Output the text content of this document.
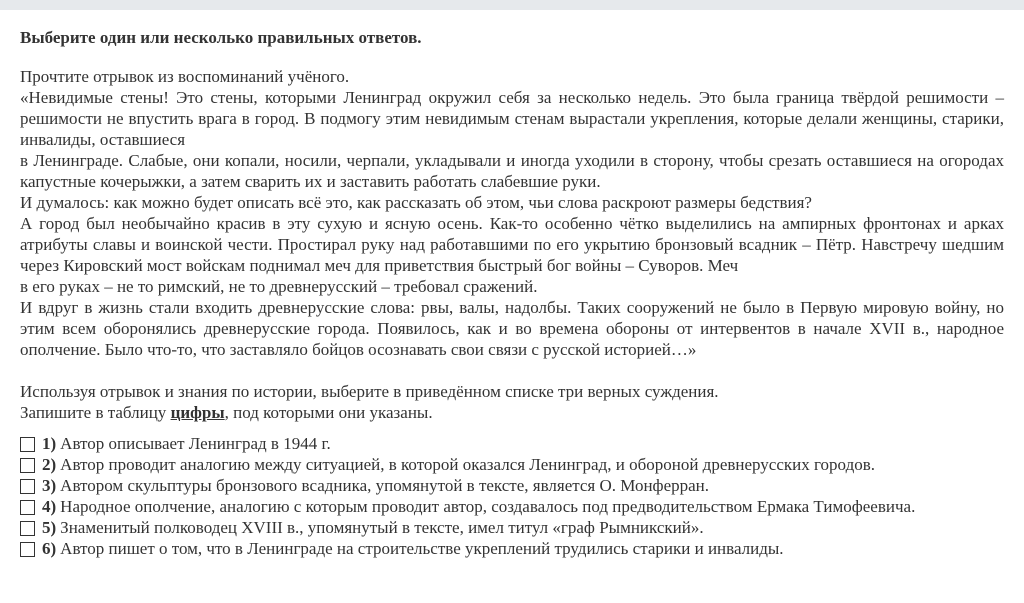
Выберите один или несколько правильных ответов.

Прочтите отрывок из воспоминаний учёного.

«Невидимые стены! Это стены, которыми Ленинград окружил себя за несколько недель. Это была граница твёрдой решимости – решимости не впустить врага в город. В подмогу этим невидимым стенам вырастали укрепления, которые делали женщины, старики, инвалиды, оставшиеся

в Ленинграде. Слабые, они копали, носили, черпали, укладывали и иногда уходили в сторону, чтобы срезать оставшиеся на огородах капустные кочерыжки, а затем сварить их и заставить работать слабевшие руки.

И думалось: как можно будет описать всё это, как рассказать об этом, чьи слова раскроют размеры бедствия?

А город был необычайно красив в эту сухую и ясную осень. Как-то особенно чётко выделились на ампирных фронтонах и арках атрибуты славы и воинской чести. Простирал руку над работавшими по его укрытию бронзовый всадник – Пётр. Навстречу шедшим через Кировский мост войскам поднимал меч для приветствия быстрый бог войны – Суворов. Меч

в его руках – не то римский, не то древнерусский – требовал сражений.

И вдруг в жизнь стали входить древнерусские слова: рвы, валы, надолбы. Таких сооружений не было в Первую мировую войну, но этим всем оборонялись древнерусские города. Появилось, как и во времена обороны от интервентов в начале XVII в., народное ополчение. Было что-то, что заставляло бойцов осознавать свои связи с русской историей…»

Используя отрывок и знания по истории, выберите в приведённом списке три верных суждения.

Запишите в таблицу цифры, под которыми они указаны.

1) Автор описывает Ленинград в 1944 г.
2) Автор проводит аналогию между ситуацией, в которой оказался Ленинград, и обороной древнерусских городов.
3) Автором скульптуры бронзового всадника, упомянутой в тексте, является О. Монферран.
4) Народное ополчение, аналогию с которым проводит автор, создавалось под предводительством Ермака Тимофеевича.
5) Знаменитый полководец XVIII в., упомянутый в тексте, имел титул «граф Рымникский».
6) Автор пишет о том, что в Ленинграде на строительстве укреплений трудились старики и инвалиды.
